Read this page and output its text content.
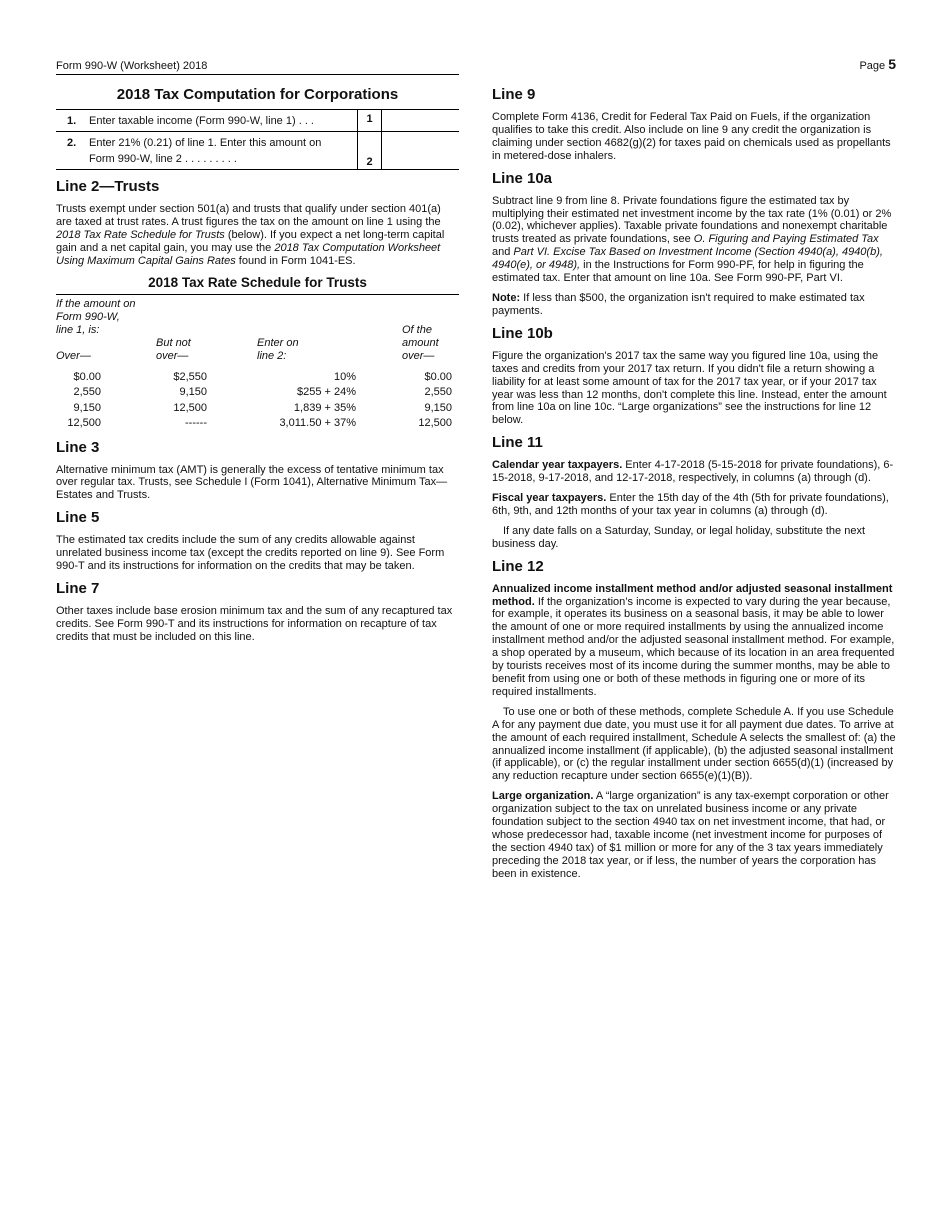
Form 990-W (Worksheet) 2018	Page 5
2018 Tax Computation for Corporations
1.	Enter taxable income (Form 990-W, line 1) . . .	1
2.	Enter 21% (0.21) of line 1. Enter this amount on
Form 990-W, line 2 . . . . . . . . .	2
Line 2—Trusts

Trusts exempt under section 501(a) and trusts that qualify under section 401(a) are taxed at trust rates. A trust figures the tax on the amount on line 1 using the 2018 Tax Rate Schedule for Trusts (below). If you expect a net long-term capital gain and a net capital gain, you may use the 2018 Tax Computation Worksheet Using Maximum Capital Gains Rates found in Form 1041-ES.

2018 Tax Rate Schedule for Trusts
If the amount on
Form 990-W,
line 1, is:
Over—
But not
over—
Enter on
line 2:
Of the
amount
over—
$0.00	$2,550	10%	$0.00
2,550	9,150	$255 + 24%	2,550
9,150	12,500	1,839 + 35%	9,150
12,500	------	3,011.50 + 37%	12,500
Line 3

Alternative minimum tax (AMT) is generally the excess of tentative minimum tax over regular tax. Trusts, see Schedule I (Form 1041), Alternative Minimum Tax—Estates and Trusts.

Line 5

The estimated tax credits include the sum of any credits allowable against unrelated business income tax (except the credits reported on line 9). See Form 990-T and its instructions for information on the credits that may be taken.

Line 7

Other taxes include base erosion minimum tax and the sum of any recaptured tax credits. See Form 990-T and its instructions for information on recapture of tax credits that must be included on this line.

Line 9

Complete Form 4136, Credit for Federal Tax Paid on Fuels, if the organization qualifies to take this credit. Also include on line 9 any credit the organization is claiming under section 4682(g)(2) for taxes paid on chemicals used as propellants in metered-dose inhalers.

Line 10a

Subtract line 9 from line 8. Private foundations figure the estimated tax by multiplying their estimated net investment income by the tax rate (1% (0.01) or 2% (0.02), whichever applies). Taxable private foundations and nonexempt charitable trusts treated as private foundations, see O. Figuring and Paying Estimated Tax and Part VI. Excise Tax Based on Investment Income (Section 4940(a), 4940(b), 4940(e), or 4948), in the Instructions for Form 990-PF, for help in figuring the estimated tax. Enter that amount on line 10a. See Form 990-PF, Part VI.

Note: If less than $500, the organization isn't required to make estimated tax payments.

Line 10b

Figure the organization's 2017 tax the same way you figured line 10a, using the taxes and credits from your 2017 tax return. If you didn't file a return showing a liability for at least some amount of tax for the 2017 tax year, or if your 2017 tax year was less than 12 months, don't complete this line. Instead, enter the amount from line 10a on line 10c. “Large organizations” see the instructions for line 12 below.

Line 11

Calendar year taxpayers. Enter 4-17-2018 (5-15-2018 for private foundations), 6-15-2018, 9-17-2018, and 12-17-2018, respectively, in columns (a) through (d).

Fiscal year taxpayers. Enter the 15th day of the 4th (5th for private foundations), 6th, 9th, and 12th months of your tax year in columns (a) through (d).

If any date falls on a Saturday, Sunday, or legal holiday, substitute the next business day.

Line 12

Annualized income installment method and/or adjusted seasonal installment method. If the organization’s income is expected to vary during the year because, for example, it operates its business on a seasonal basis, it may be able to lower the amount of one or more required installments by using the annualized income installment method and/or the adjusted seasonal installment method. For example, a shop operated by a museum, which because of its location in an area frequented by tourists receives most of its income during the summer months, may be able to benefit from using one or both of these methods in figuring one or more of its required installments.

To use one or both of these methods, complete Schedule A. If you use Schedule A for any payment due date, you must use it for all payment due dates. To arrive at the amount of each required installment, Schedule A selects the smallest of: (a) the annualized income installment (if applicable), (b) the adjusted seasonal installment (if applicable), or (c) the regular installment under section 6655(d)(1) (increased by any reduction recapture under section 6655(e)(1)(B)).

Large organization. A “large organization” is any tax-exempt corporation or other organization subject to the tax on unrelated business income or any private foundation subject to the section 4940 tax on net investment income, that had, or whose predecessor had, taxable income (net investment income for purposes of the section 4940 tax) of $1 million or more for any of the 3 tax years immediately preceding the 2018 tax year, or if less, the number of years the corporation has been in existence.
